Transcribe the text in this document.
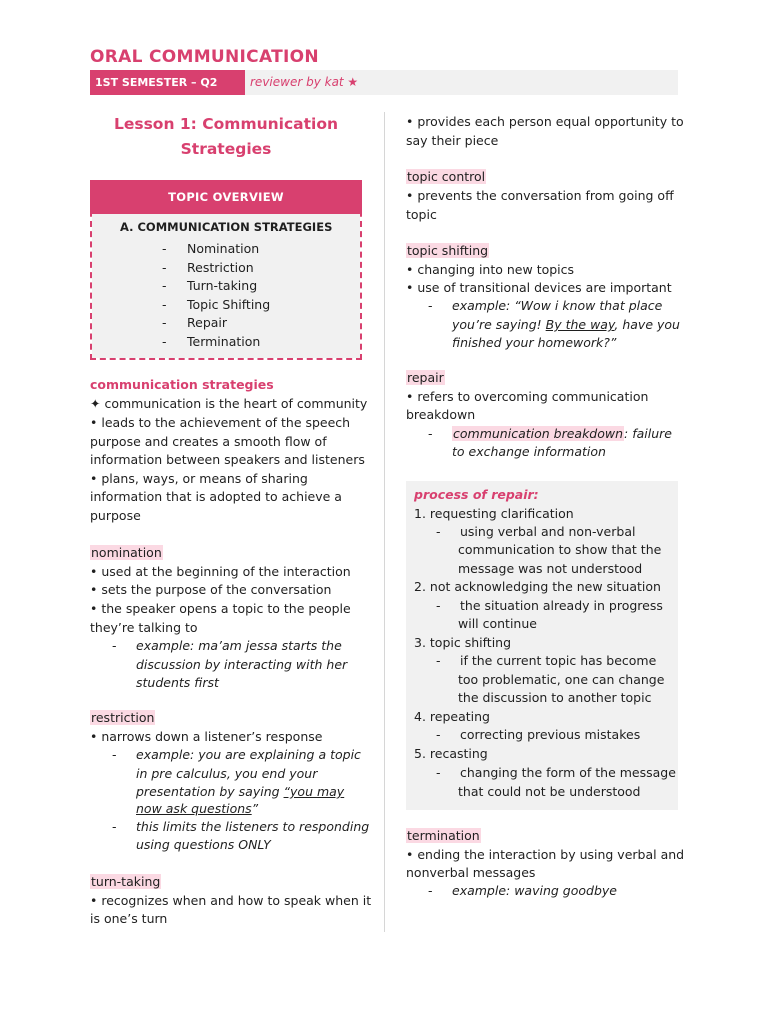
ORAL COMMUNICATION
1ST SEMESTER – Q2	reviewer by kat ★
Lesson 1: Communication Strategies
TOPIC OVERVIEW
A. COMMUNICATION STRATEGIES
- Nomination
- Restriction
- Turn-taking
- Topic Shifting
- Repair
- Termination
communication strategies
✦ communication is the heart of community
• leads to the achievement of the speech
purpose and creates a smooth flow of
information between speakers and listeners
• plans, ways, or means of sharing
information that is adopted to achieve a
purpose
nomination
• used at the beginning of the interaction
• sets the purpose of the conversation
• the speaker opens a topic to the people
they’re talking to
- example: ma’am jessa starts the
discussion by interacting with her
students first
restriction
• narrows down a listener’s response
- example: you are explaining a topic
in pre calculus, you end your
presentation by saying “you may
now ask questions”
- this limits the listeners to responding
using questions ONLY
turn-taking
• recognizes when and how to speak when it
is one’s turn
• provides each person equal opportunity to
say their piece
topic control
• prevents the conversation from going off
topic
topic shifting
• changing into new topics
• use of transitional devices are important
- example: “Wow i know that place
you’re saying! By the way, have you
finished your homework?”
repair
• refers to overcoming communication
breakdown
- communication breakdown: failure
to exchange information
process of repair:
1. requesting clarification
- using verbal and non-verbal
communication to show that the
message was not understood
2. not acknowledging the new situation
- the situation already in progress
will continue
3. topic shifting
- if the current topic has become
too problematic, one can change
the discussion to another topic
4. repeating
- correcting previous mistakes
5. recasting
- changing the form of the message
that could not be understood
termination
• ending the interaction by using verbal and
nonverbal messages
- example: waving goodbye
